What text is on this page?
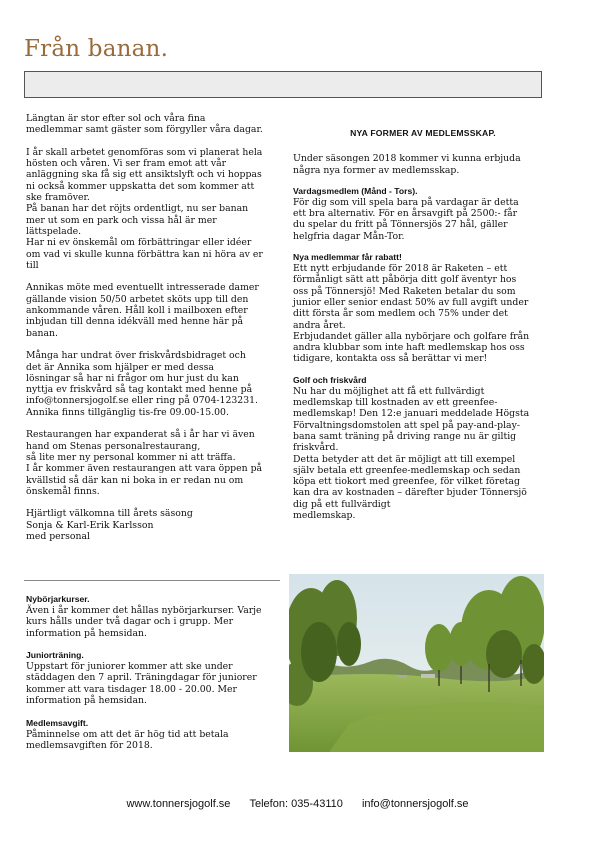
Från banan.

Längtan är stor efter sol och våra fina
medlemmar samt gäster som förgyller våra dagar.

I år skall arbetet genomföras som vi planerat hela
hösten och våren. Vi ser fram emot att vår
anläggning ska få sig ett ansiktslyft och vi hoppas
ni också kommer uppskatta det som kommer att
ske framöver.
På banan har det röjts ordentligt, nu ser banan
mer ut som en park och vissa hål är mer
lättspelade.
Har ni ev önskemål om förbättringar eller idéer
om vad vi skulle kunna förbättra kan ni höra av er
till

Annikas möte med eventuellt intresserade damer
gällande vision 50/50 arbetet sköts upp till den
ankommande våren. Håll koll i mailboxen efter
inbjudan till denna idékväll med henne här på
banan.

Många har undrat över friskvårdsbidraget och
det är Annika som hjälper er med dessa
lösningar så har ni frågor om hur just du kan
nyttja ev friskvård så tag kontakt med henne på
info@tonnersjogolf.se eller ring på 0704-123231.
Annika finns tillgänglig tis-fre 09.00-15.00.

Restaurangen har expanderat så i år har vi även
hand om Stenas personalrestaurang,
så lite mer ny personal kommer ni att träffa.
I år kommer även restaurangen att vara öppen på
kvällstid så där kan ni boka in er redan nu om
önskemål finns.

Hjärtligt välkomna till årets säsong
Sonja & Karl-Erik Karlsson
med personal

Nybörjarkurser.

Även i år kommer det hållas nybörjarkurser. Varje
kurs hålls under två dagar och i grupp. Mer
information på hemsidan.

Juniorträning.

Uppstart för juniorer kommer att ske under
städdagen den 7 april. Träningdagar för juniorer
kommer att vara tisdager 18.00 - 20.00. Mer
information på hemsidan.

Medlemsavgift.

Påminnelse om att det är hög tid att betala
medlemsavgiften för 2018.

NYA FORMER AV MEDLEMSSKAP.

Under säsongen 2018 kommer vi kunna erbjuda
några nya former av medlemsskap.

Vardagsmedlem (Månd - Tors).

För dig som vill spela bara på vardagar är detta
ett bra alternativ. För en årsavgift på 2500:- får
du spelar du fritt på Tönnersjös 27 hål, gäller
helgfria dagar Mån-Tor.

Nya medlemmar får rabatt!

Ett nytt erbjudande för 2018 är Raketen – ett
förmånligt sätt att påbörja ditt golf äventyr hos
oss på Tönnersjö! Med Raketen betalar du som
junior eller senior endast 50% av full avgift under
ditt första år som medlem och 75% under det
andra året.
Erbjudandet gäller alla nybörjare och golfare från
andra klubbar som inte haft medlemskap hos oss
tidigare, kontakta oss så berättar vi mer!

Golf och friskvård

Nu har du möjlighet att få ett fullvärdigt
medlemskap till kostnaden av ett greenfee-
medlemskap! Den 12:e januari meddelade Högsta
Förvaltningsdomstolen att spel på pay-and-play-
bana samt träning på driving range nu är giltig
friskvård.
Detta betyder att det är möjligt att till exempel
själv betala ett greenfee-medlemskap och sedan
köpa ett tiokort med greenfee, för vilket företag
kan dra av kostnaden – därefter bjuder Tönnersjö
dig på ett fullvärdigt
medlemskap.

www.tonnersjogolf.se Telefon: 035-43110 info@tonnersjogolf.se
